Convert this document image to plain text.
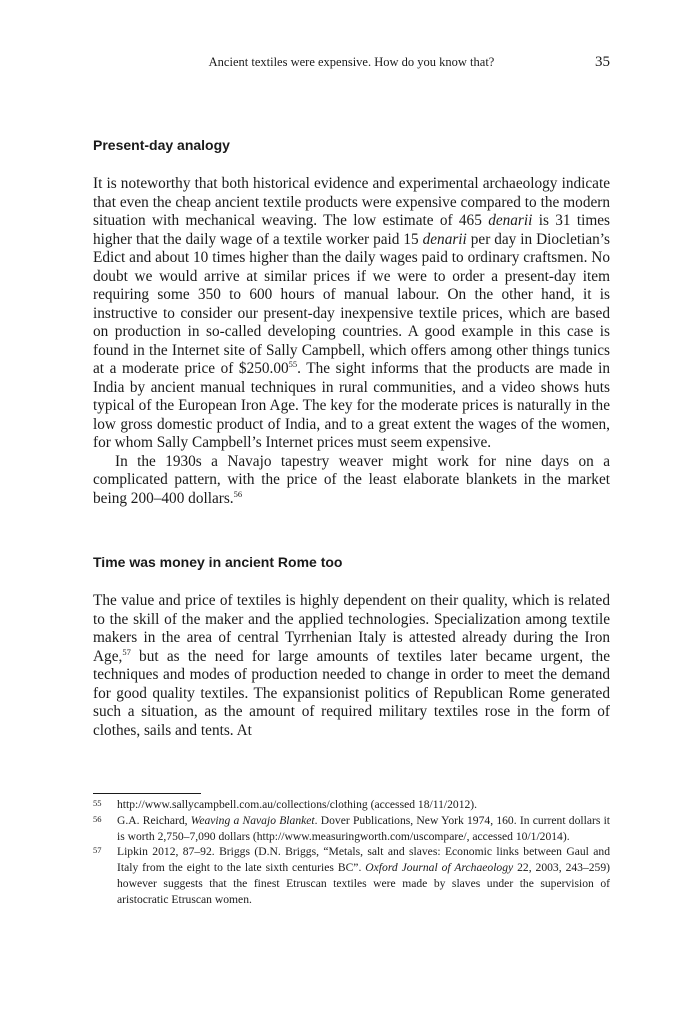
Ancient textiles were expensive. How do you know that?	35
Present-day analogy

It is noteworthy that both historical evidence and experimental archaeology indicate that even the cheap ancient textile products were expensive compared to the modern situation with mechanical weaving. The low estimate of 465 denarii is 31 times higher that the daily wage of a textile worker paid 15 denarii per day in Diocletian’s Edict and about 10 times higher than the daily wages paid to ordinary craftsmen. No doubt we would arrive at similar prices if we were to order a present-day item requiring some 350 to 600 hours of manual labour. On the other hand, it is instructive to consider our present-day inexpensive textile prices, which are based on production in so-called developing countries. A good example in this case is found in the Internet site of Sally Campbell, which offers among other things tunics at a moderate price of $250.00$^{55}$. The sight informs that the products are made in India by ancient manual techniques in rural communities, and a video shows huts typical of the European Iron Age. The key for the moderate prices is naturally in the low gross domestic product of India, and to a great extent the wages of the women, for whom Sally Campbell’s Internet prices must seem expensive.

In the 1930s a Navajo tapestry weaver might work for nine days on a complicated pattern, with the price of the least elaborate blankets in the market being 200–400 dollars.$^{56}$

Time was money in ancient Rome too

The value and price of textiles is highly dependent on their quality, which is related to the skill of the maker and the applied technologies. Specialization among textile makers in the area of central Tyrrhenian Italy is attested already during the Iron Age,$^{57}$ but as the need for large amounts of textiles later became urgent, the techniques and modes of production needed to change in order to meet the demand for good quality textiles. The expansionist politics of Republican Rome generated such a situation, as the amount of required military textiles rose in the form of clothes, sails and tents. At

55 http://www.sallycampbell.com.au/collections/clothing (accessed 18/11/2012).

56 G.A. Reichard, Weaving a Navajo Blanket. Dover Publications, New York 1974, 160. In current dollars it is worth 2,750–7,090 dollars (http://www.measuringworth.com/uscompare/, accessed 10/1/2014).

57 Lipkin 2012, 87–92. Briggs (D.N. Briggs, “Metals, salt and slaves: Economic links between Gaul and Italy from the eight to the late sixth centuries BC”. Oxford Journal of Archaeology 22, 2003, 243–259) however suggests that the finest Etruscan textiles were made by slaves under the supervision of aristocratic Etruscan women.
